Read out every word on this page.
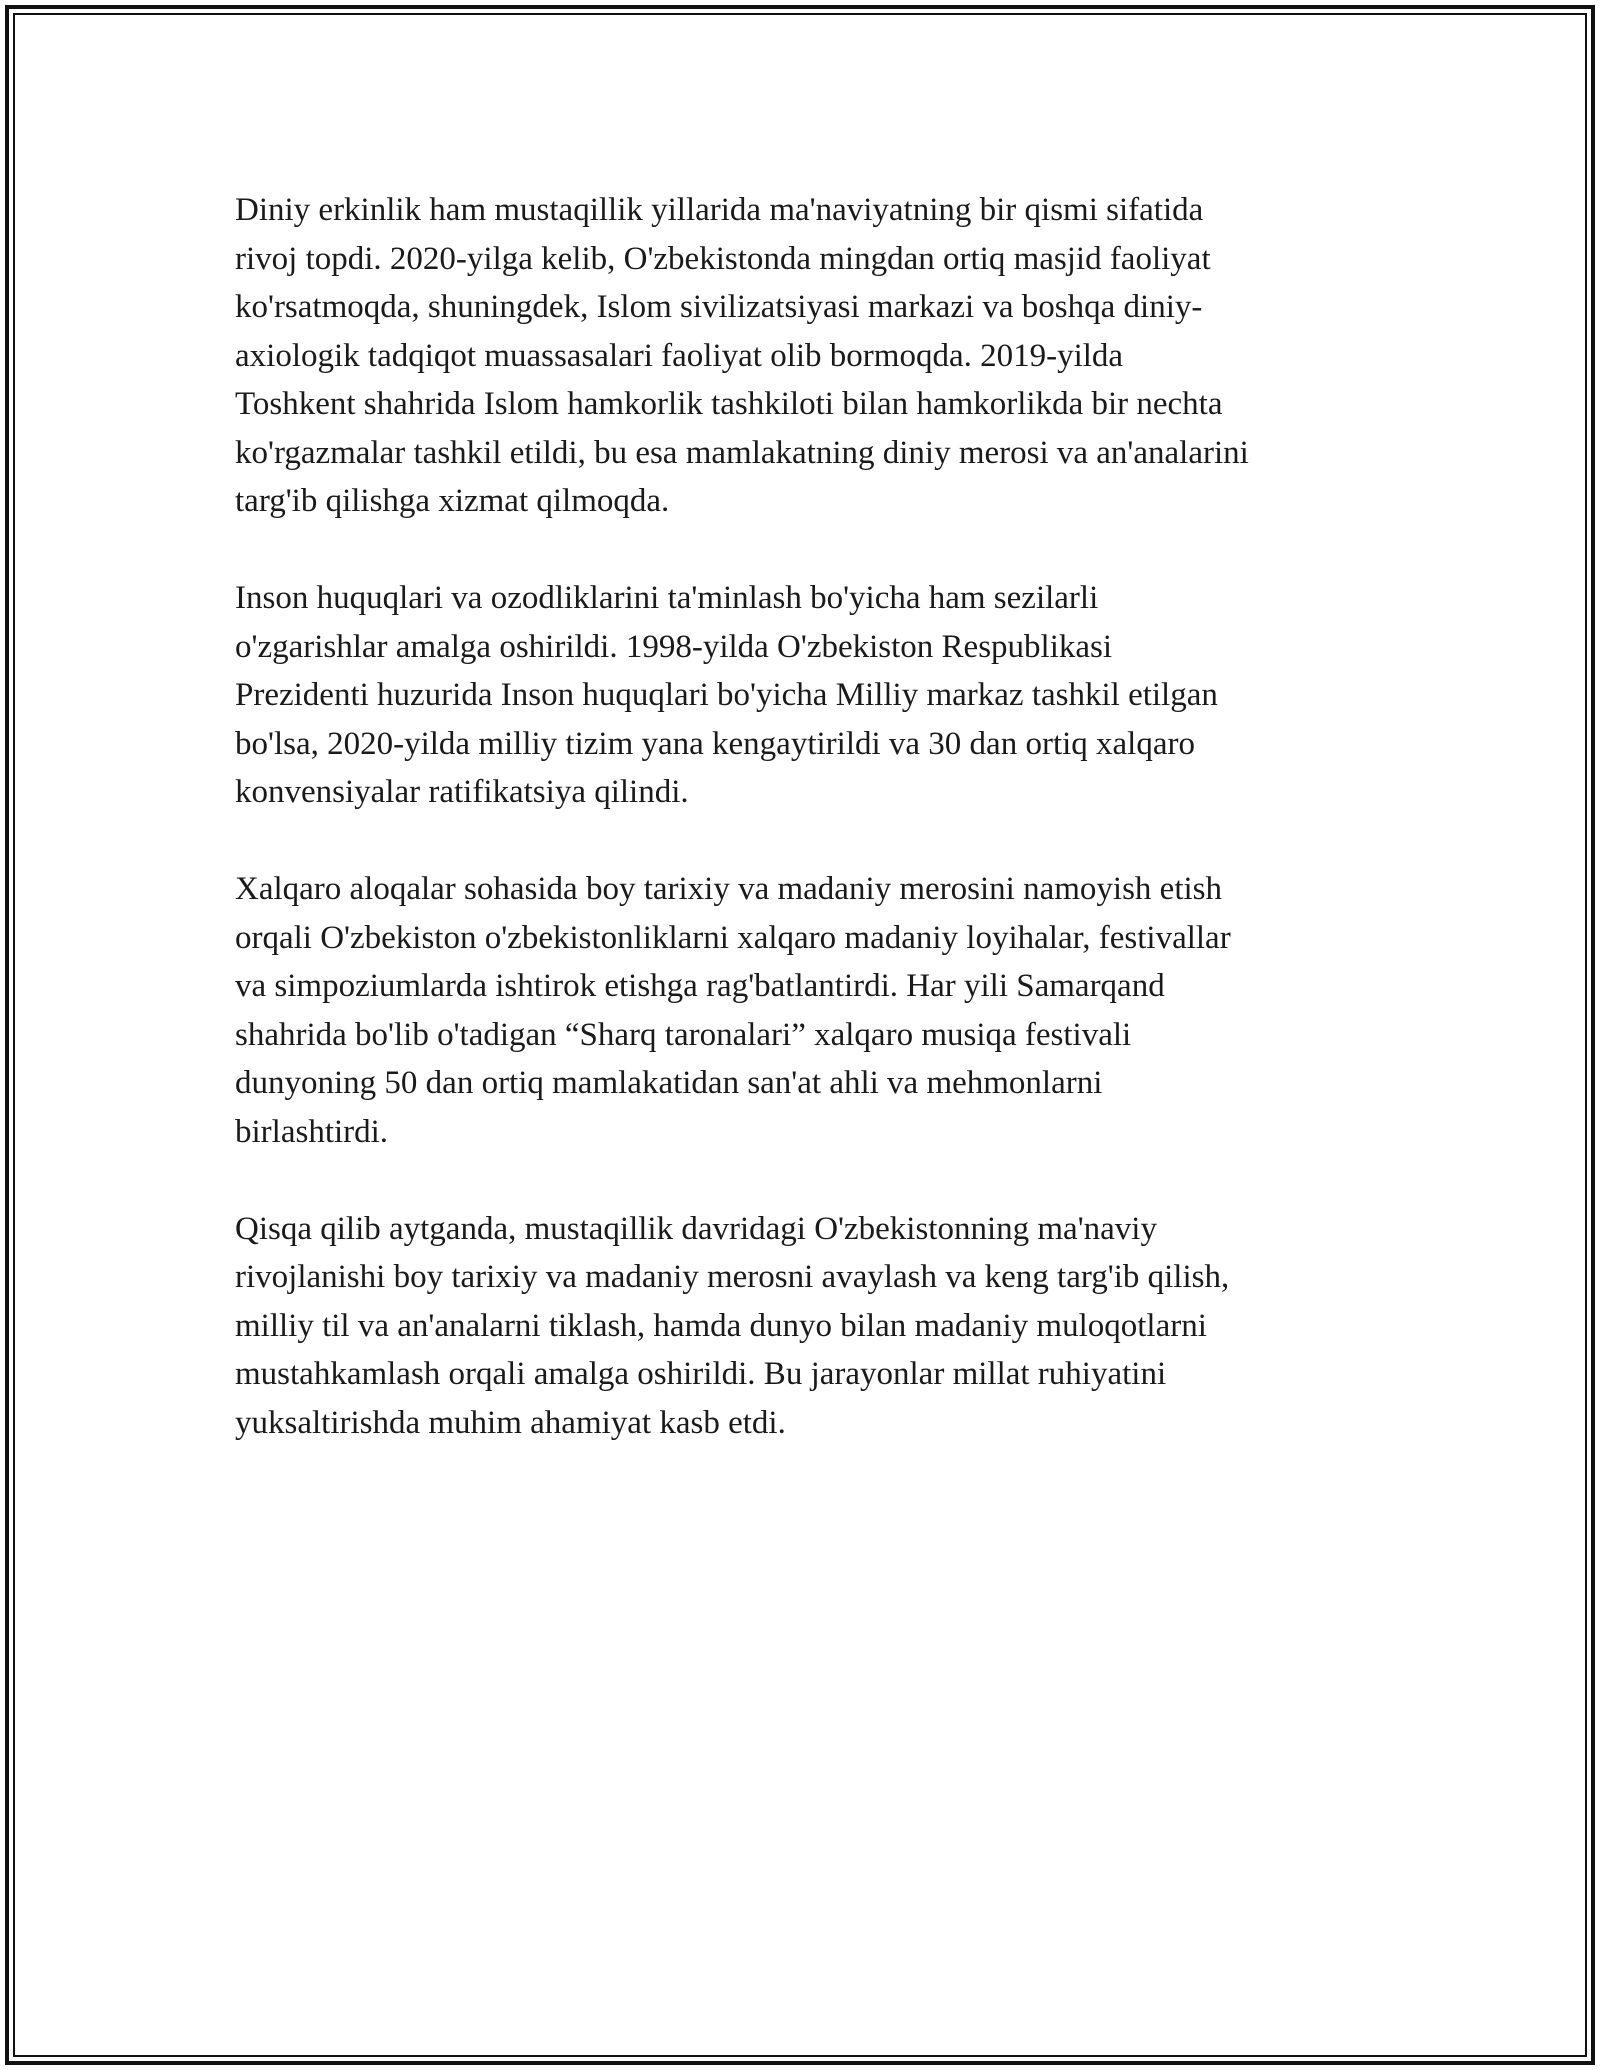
Diniy erkinlik ham mustaqillik yillarida ma'naviyatning bir qismi sifatida
rivoj topdi. 2020-yilga kelib, O'zbekistonda mingdan ortiq masjid faoliyat
ko'rsatmoqda, shuningdek, Islom sivilizatsiyasi markazi va boshqa diniy-
axiologik tadqiqot muassasalari faoliyat olib bormoqda. 2019-yilda
Toshkent shahrida Islom hamkorlik tashkiloti bilan hamkorlikda bir nechta
ko'rgazmalar tashkil etildi, bu esa mamlakatning diniy merosi va an'analarini
targ'ib qilishga xizmat qilmoqda.

Inson huquqlari va ozodliklarini ta'minlash bo'yicha ham sezilarli
o'zgarishlar amalga oshirildi. 1998-yilda O'zbekiston Respublikasi
Prezidenti huzurida Inson huquqlari bo'yicha Milliy markaz tashkil etilgan
bo'lsa, 2020-yilda milliy tizim yana kengaytirildi va 30 dan ortiq xalqaro
konvensiyalar ratifikatsiya qilindi.

Xalqaro aloqalar sohasida boy tarixiy va madaniy merosini namoyish etish
orqali O'zbekiston o'zbekistonliklarni xalqaro madaniy loyihalar, festivallar
va simpoziumlarda ishtirok etishga rag'batlantirdi. Har yili Samarqand
shahrida bo'lib o'tadigan “Sharq taronalari” xalqaro musiqa festivali
dunyoning 50 dan ortiq mamlakatidan san'at ahli va mehmonlarni
birlashtirdi.

Qisqa qilib aytganda, mustaqillik davridagi O'zbekistonning ma'naviy
rivojlanishi boy tarixiy va madaniy merosni avaylash va keng targ'ib qilish,
milliy til va an'analarni tiklash, hamda dunyo bilan madaniy muloqotlarni
mustahkamlash orqali amalga oshirildi. Bu jarayonlar millat ruhiyatini
yuksaltirishda muhim ahamiyat kasb etdi.
